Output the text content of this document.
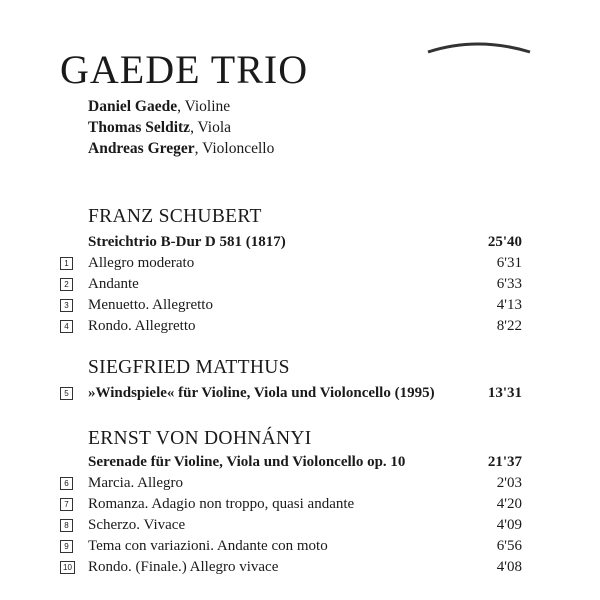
GAEDE TRIO
Daniel Gaede, Violine
Thomas Selditz, Viola
Andreas Greger, Violoncello
FRANZ SCHUBERT
Streichtrio B-Dur D 581 (1817)	25'40
1 Allegro moderato	6'31
2 Andante	6'33
3 Menuetto. Allegretto	4'13
4 Rondo. Allegretto	8'22
SIEGFRIED MATTHUS
5 »Windspiele« für Violine, Viola und Violoncello (1995)	13'31
ERNST VON DOHNÁNYI
Serenade für Violine, Viola und Violoncello op. 10	21'37
6 Marcia. Allegro	2'03
7 Romanza. Adagio non troppo, quasi andante	4'20
8 Scherzo. Vivace	4'09
9 Tema con variazioni. Andante con moto	6'56
10 Rondo. (Finale.) Allegro vivace	4'08
